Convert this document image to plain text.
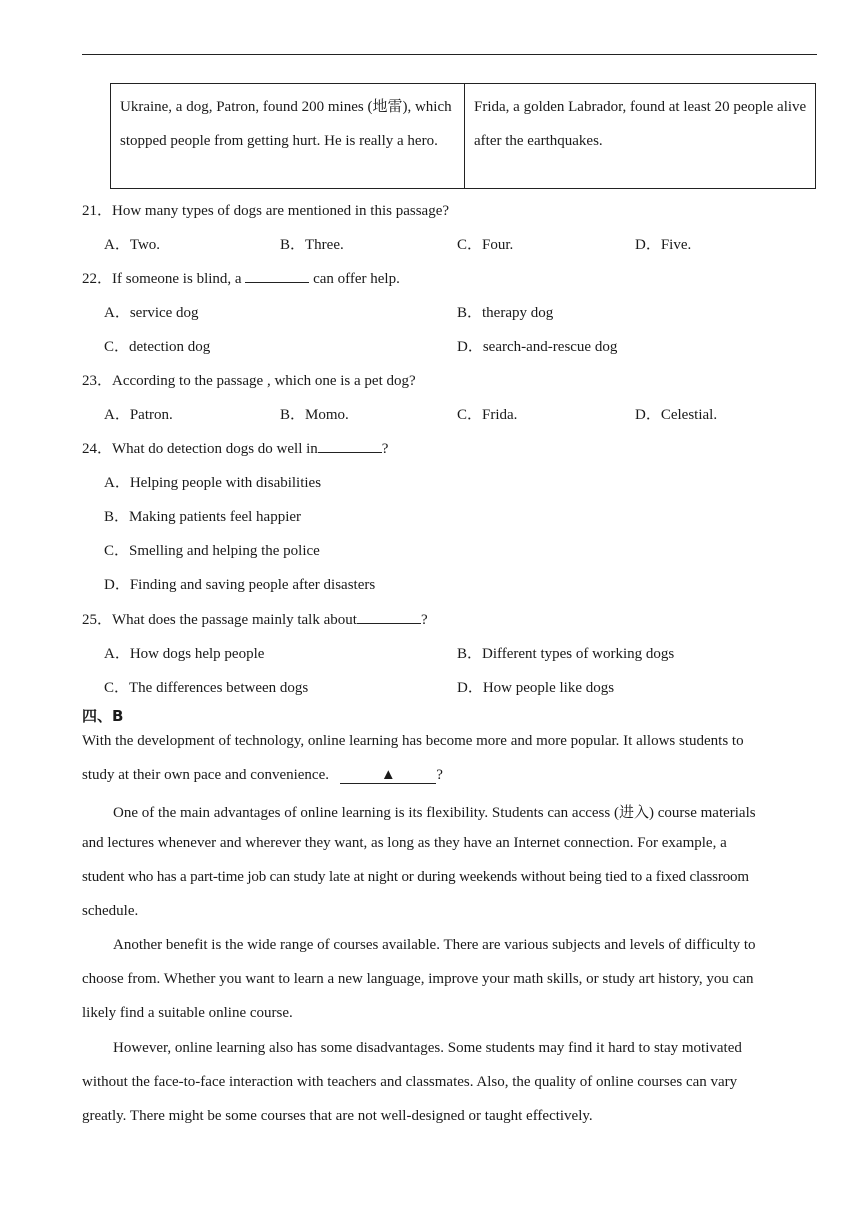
Ukraine, a dog, Patron, found 200 mines (地雷), which stopped people from getting hurt. He is really a hero.	Frida, a golden Labrador, found at least 20 people alive after the earthquakes.
21．How many types of dogs are mentioned in this passage?
A．Two.	B．Three.	C．Four.	D．Five.
22．If someone is blind, a	can offer help.
A．service dog	B．therapy dog
C．detection dog	D．search-and-rescue dog
23．According to the passage , which one is a pet dog?
A．Patron.	B．Momo.	C．Frida.	D．Celestial.
24．What do detection dogs do well in	?
A．Helping people with disabilities
B．Making patients feel happier
C．Smelling and helping the police
D．Finding and saving people after disasters
25．What does the passage mainly talk about	?
A．How dogs help people	B．Different types of working dogs
C．The differences between dogs	D．How people like dogs
四、B
With the development of technology, online learning has become more and more popular. It allows students to
study at their own pace and convenience.	▲	?
One of the main advantages of online learning is its flexibility. Students can access (进入) course materials
and lectures whenever and wherever they want, as long as they have an Internet connection. For example, a
student who has a part-time job can study late at night or during weekends without being tied to a fixed classroom
schedule.
Another benefit is the wide range of courses available. There are various subjects and levels of difficulty to
choose from. Whether you want to learn a new language, improve your math skills, or study art history, you can
likely find a suitable online course.
However, online learning also has some disadvantages. Some students may find it hard to stay motivated
without the face-to-face interaction with teachers and classmates. Also, the quality of online courses can vary
greatly. There might be some courses that are not well-designed or taught effectively.
